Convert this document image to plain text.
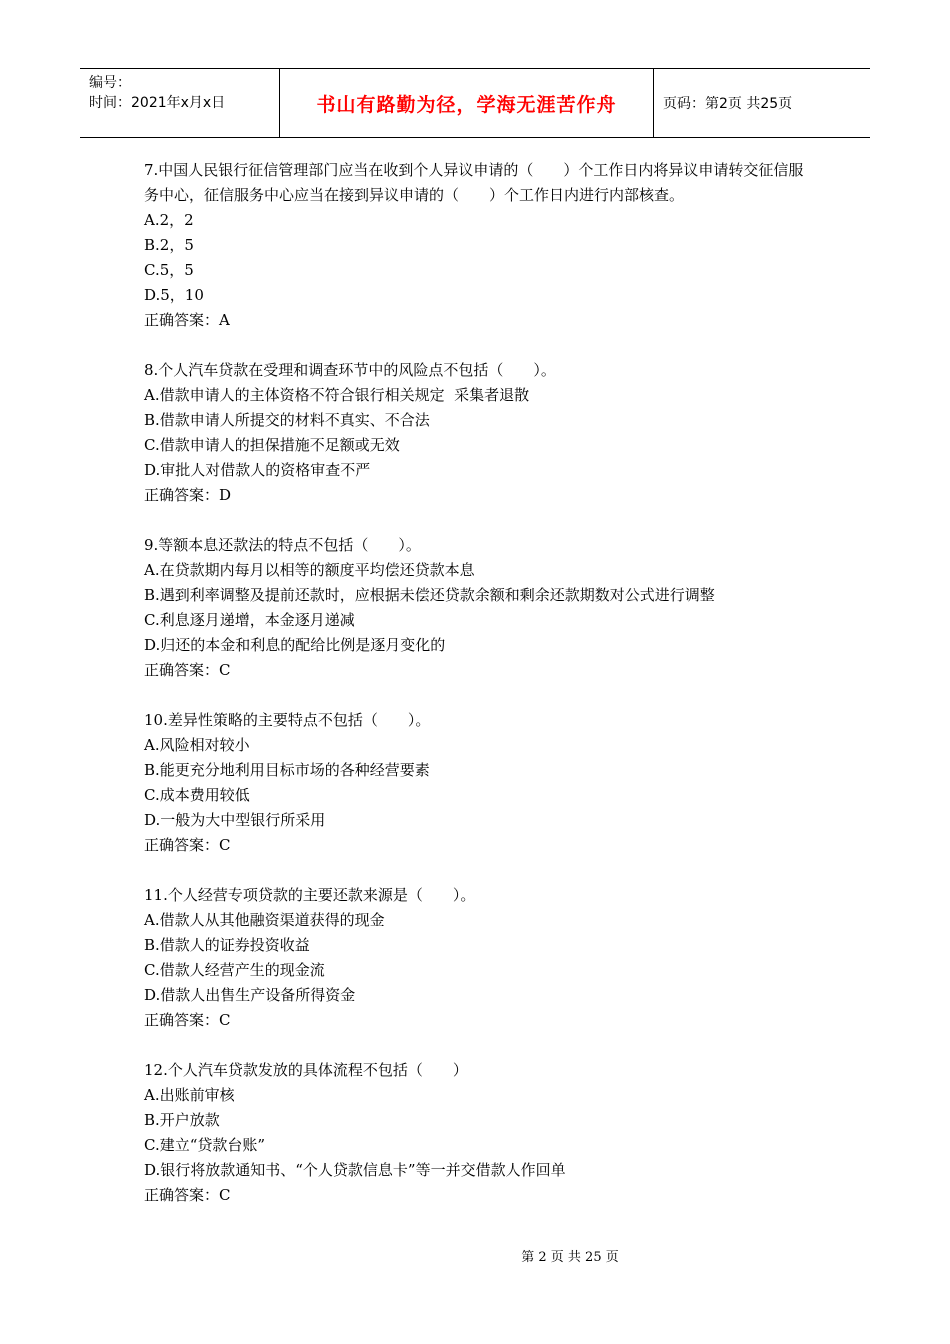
编号：
时间：2021年x月x日	书山有路勤为径，学海无涯苦作舟	页码：第2页 共25页
7.中国人民银行征信管理部门应当在收到个人异议申请的（　　）个工作日内将异议申请转交征信服务中心，征信服务中心应当在接到异议申请的（　　）个工作日内进行内部核查。
A.2，2
B.2，5
C.5，5
D.5，10
正确答案：A
8.个人汽车贷款在受理和调查环节中的风险点不包括（　　）。
A.借款申请人的主体资格不符合银行相关规定  采集者退散
B.借款申请人所提交的材料不真实、不合法
C.借款申请人的担保措施不足额或无效
D.审批人对借款人的资格审查不严
正确答案：D
9.等额本息还款法的特点不包括（　　）。
A.在贷款期内每月以相等的额度平均偿还贷款本息
B.遇到利率调整及提前还款时，应根据未偿还贷款余额和剩余还款期数对公式进行调整
C.利息逐月递增，本金逐月递减
D.归还的本金和利息的配给比例是逐月变化的
正确答案：C
10.差异性策略的主要特点不包括（　　）。
A.风险相对较小
B.能更充分地利用目标市场的各种经营要素
C.成本费用较低
D.一般为大中型银行所采用
正确答案：C
11.个人经营专项贷款的主要还款来源是（　　）。
A.借款人从其他融资渠道获得的现金
B.借款人的证券投资收益
C.借款人经营产生的现金流
D.借款人出售生产设备所得资金
正确答案：C
12.个人汽车贷款发放的具体流程不包括（　　）
A.出账前审核
B.开户放款
C.建立“贷款台账”
D.银行将放款通知书、“个人贷款信息卡”等一并交借款人作回单
正确答案：C
第 2 页 共 25 页
